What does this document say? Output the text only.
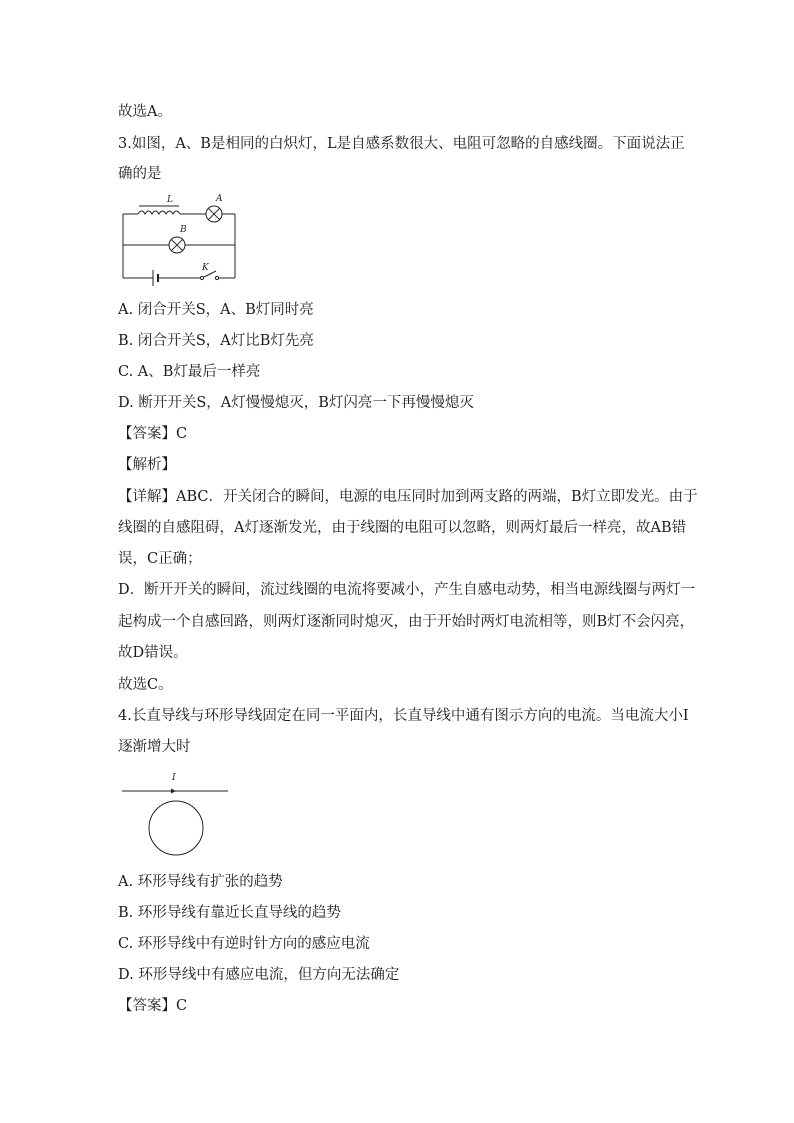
故选A。
3.如图，A、B是相同的白炽灯，L是自感系数很大、电阻可忽略的自感线圈。下面说法正
确的是
L	A
B
K
A. 闭合开关S，A、B灯同时亮
B. 闭合开关S，A灯比B灯先亮
C. A、B灯最后一样亮
D. 断开开关S，A灯慢慢熄灭，B灯闪亮一下再慢慢熄灭
【答案】C
【解析】
【详解】ABC．开关闭合的瞬间，电源的电压同时加到两支路的两端，B灯立即发光。由于
线圈的自感阻碍，A灯逐渐发光，由于线圈的电阻可以忽略，则两灯最后一样亮，故AB错
误，C正确；
D．断开开关的瞬间，流过线圈的电流将要减小，产生自感电动势，相当电源线圈与两灯一
起构成一个自感回路，则两灯逐渐同时熄灭，由于开始时两灯电流相等，则B灯不会闪亮，
故D错误。
故选C。
4.长直导线与环形导线固定在同一平面内，长直导线中通有图示方向的电流。当电流大小I
逐渐增大时
I
A. 环形导线有扩张的趋势
B. 环形导线有靠近长直导线的趋势
C. 环形导线中有逆时针方向的感应电流
D. 环形导线中有感应电流，但方向无法确定
【答案】C
